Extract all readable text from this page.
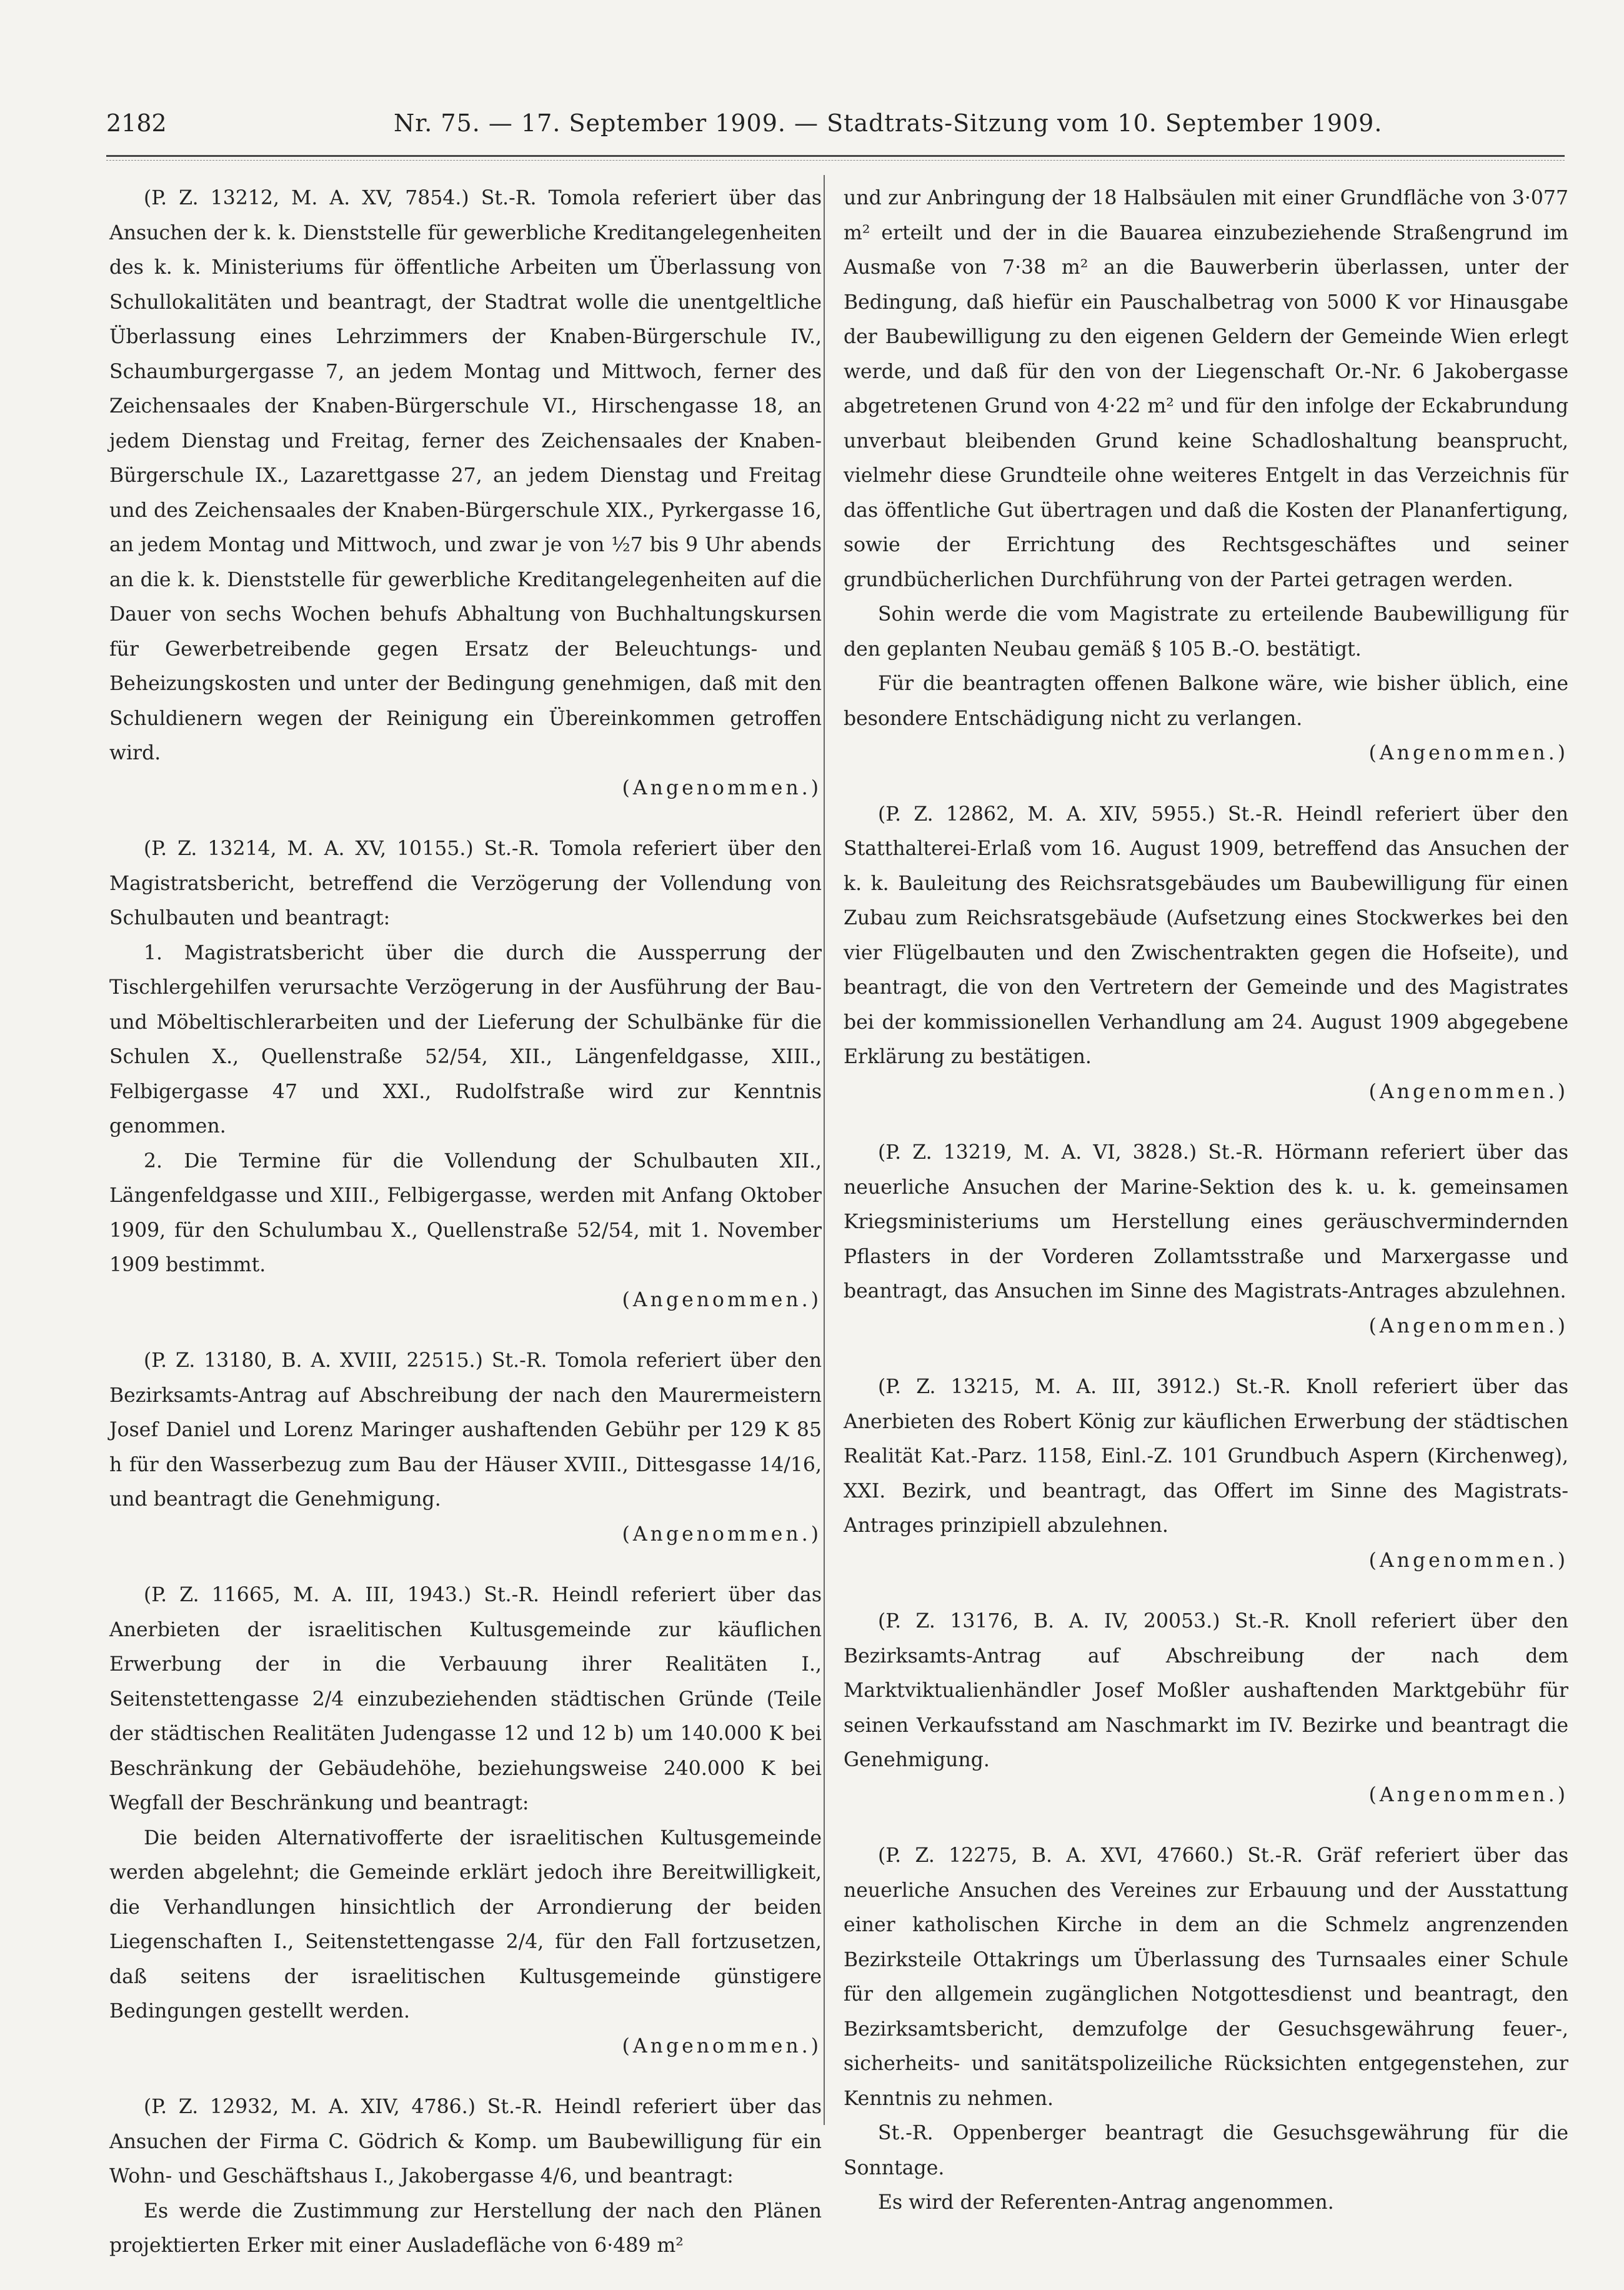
2182	Nr. 75. — 17. September 1909. — Stadtrats-Sitzung vom 10. September 1909.

(P. Z. 13212, M. A. XV, 7854.) St.-R. Tomola referiert über das Ansuchen der k. k. Dienststelle für gewerbliche Kreditangelegenheiten des k. k. Ministeriums für öffentliche Arbeiten um Überlassung von Schullokalitäten und beantragt, der Stadtrat wolle die unentgeltliche Überlassung eines Lehrzimmers der Knaben-Bürgerschule IV., Schaumburgergasse 7, an jedem Montag und Mittwoch, ferner des Zeichensaales der Knaben-Bürgerschule VI., Hirschengasse 18, an jedem Dienstag und Freitag, ferner des Zeichensaales der Knaben-Bürgerschule IX., Lazarettgasse 27, an jedem Dienstag und Freitag und des Zeichensaales der Knaben-Bürgerschule XIX., Pyrkergasse 16, an jedem Montag und Mittwoch, und zwar je von ½7 bis 9 Uhr abends an die k. k. Dienststelle für gewerbliche Kreditangelegenheiten auf die Dauer von sechs Wochen behufs Abhaltung von Buchhaltungskursen für Gewerbetreibende gegen Ersatz der Beleuchtungs- und Beheizungskosten und unter der Bedingung genehmigen, daß mit den Schuldienern wegen der Reinigung ein Übereinkommen getroffen wird.

(Angenommen.)

(P. Z. 13214, M. A. XV, 10155.) St.-R. Tomola referiert über den Magistratsbericht, betreffend die Verzögerung der Vollendung von Schulbauten und beantragt:

1. Magistratsbericht über die durch die Aussperrung der Tischlergehilfen verursachte Verzögerung in der Ausführung der Bau- und Möbeltischlerarbeiten und der Lieferung der Schulbänke für die Schulen X., Quellenstraße 52/54, XII., Längenfeldgasse, XIII., Felbigergasse 47 und XXI., Rudolfstraße wird zur Kenntnis genommen.

2. Die Termine für die Vollendung der Schulbauten XII., Längenfeldgasse und XIII., Felbigergasse, werden mit Anfang Oktober 1909, für den Schulumbau X., Quellenstraße 52/54, mit 1. November 1909 bestimmt.

(Angenommen.)

(P. Z. 13180, B. A. XVIII, 22515.) St.-R. Tomola referiert über den Bezirksamts-Antrag auf Abschreibung der nach den Maurermeistern Josef Daniel und Lorenz Maringer aushaftenden Gebühr per 129 K 85 h für den Wasserbezug zum Bau der Häuser XVIII., Dittesgasse 14/16, und beantragt die Genehmigung.

(Angenommen.)

(P. Z. 11665, M. A. III, 1943.) St.-R. Heindl referiert über das Anerbieten der israelitischen Kultusgemeinde zur käuflichen Erwerbung der in die Verbauung ihrer Realitäten I., Seitenstettengasse 2/4 einzubeziehenden städtischen Gründe (Teile der städtischen Realitäten Judengasse 12 und 12 b) um 140.000 K bei Beschränkung der Gebäudehöhe, beziehungsweise 240.000 K bei Wegfall der Beschränkung und beantragt:

Die beiden Alternativofferte der israelitischen Kultusgemeinde werden abgelehnt; die Gemeinde erklärt jedoch ihre Bereitwilligkeit, die Verhandlungen hinsichtlich der Arrondierung der beiden Liegenschaften I., Seitenstettengasse 2/4, für den Fall fortzusetzen, daß seitens der israelitischen Kultusgemeinde günstigere Bedingungen gestellt werden.

(Angenommen.)

(P. Z. 12932, M. A. XIV, 4786.) St.-R. Heindl referiert über das Ansuchen der Firma C. Gödrich & Komp. um Baubewilligung für ein Wohn- und Geschäftshaus I., Jakobergasse 4/6, und beantragt:

Es werde die Zustimmung zur Herstellung der nach den Plänen projektierten Erker mit einer Ausladefläche von 6·489 m²

und zur Anbringung der 18 Halbsäulen mit einer Grundfläche von 3·077 m² erteilt und der in die Bauarea einzubeziehende Straßengrund im Ausmaße von 7·38 m² an die Bauwerberin überlassen, unter der Bedingung, daß hiefür ein Pauschalbetrag von 5000 K vor Hinausgabe der Baubewilligung zu den eigenen Geldern der Gemeinde Wien erlegt werde, und daß für den von der Liegenschaft Or.-Nr. 6 Jakobergasse abgetretenen Grund von 4·22 m² und für den infolge der Eckabrundung unverbaut bleibenden Grund keine Schadloshaltung beansprucht, vielmehr diese Grundteile ohne weiteres Entgelt in das Verzeichnis für das öffentliche Gut übertragen und daß die Kosten der Plananfertigung, sowie der Errichtung des Rechtsgeschäftes und seiner grundbücherlichen Durchführung von der Partei getragen werden.

Sohin werde die vom Magistrate zu erteilende Baubewilligung für den geplanten Neubau gemäß § 105 B.-O. bestätigt.

Für die beantragten offenen Balkone wäre, wie bisher üblich, eine besondere Entschädigung nicht zu verlangen.

(Angenommen.)

(P. Z. 12862, M. A. XIV, 5955.) St.-R. Heindl referiert über den Statthalterei-Erlaß vom 16. August 1909, betreffend das Ansuchen der k. k. Bauleitung des Reichsratsgebäudes um Baubewilligung für einen Zubau zum Reichsratsgebäude (Aufsetzung eines Stockwerkes bei den vier Flügelbauten und den Zwischentrakten gegen die Hofseite), und beantragt, die von den Vertretern der Gemeinde und des Magistrates bei der kommissionellen Verhandlung am 24. August 1909 abgegebene Erklärung zu bestätigen.

(Angenommen.)

(P. Z. 13219, M. A. VI, 3828.) St.-R. Hörmann referiert über das neuerliche Ansuchen der Marine-Sektion des k. u. k. gemeinsamen Kriegsministeriums um Herstellung eines geräuschvermindernden Pflasters in der Vorderen Zollamtsstraße und Marxergasse und beantragt, das Ansuchen im Sinne des Magistrats-Antrages abzulehnen.

(Angenommen.)

(P. Z. 13215, M. A. III, 3912.) St.-R. Knoll referiert über das Anerbieten des Robert König zur käuflichen Erwerbung der städtischen Realität Kat.-Parz. 1158, Einl.-Z. 101 Grundbuch Aspern (Kirchenweg), XXI. Bezirk, und beantragt, das Offert im Sinne des Magistrats-Antrages prinzipiell abzulehnen.

(Angenommen.)

(P. Z. 13176, B. A. IV, 20053.) St.-R. Knoll referiert über den Bezirksamts-Antrag auf Abschreibung der nach dem Marktviktualienhändler Josef Moßler aushaftenden Marktgebühr für seinen Verkaufsstand am Naschmarkt im IV. Bezirke und beantragt die Genehmigung.

(Angenommen.)

(P. Z. 12275, B. A. XVI, 47660.) St.-R. Gräf referiert über das neuerliche Ansuchen des Vereines zur Erbauung und der Ausstattung einer katholischen Kirche in dem an die Schmelz angrenzenden Bezirksteile Ottakrings um Überlassung des Turnsaales einer Schule für den allgemein zugänglichen Notgottesdienst und beantragt, den Bezirksamtsbericht, demzufolge der Gesuchsgewährung feuer-, sicherheits- und sanitätspolizeiliche Rücksichten entgegenstehen, zur Kenntnis zu nehmen.

St.-R. Oppenberger beantragt die Gesuchsgewährung für die Sonntage.

Es wird der Referenten-Antrag angenommen.
